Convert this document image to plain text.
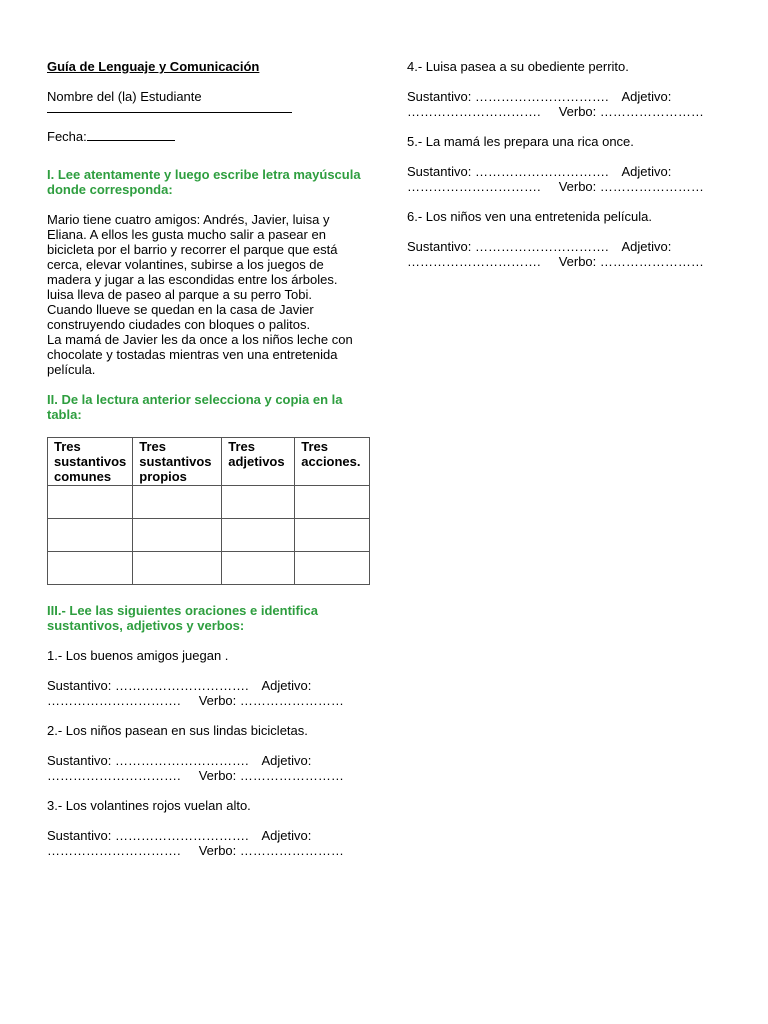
Guía de Lenguaje y Comunicación

Nombre del (la) Estudiante

Fecha:

I. Lee atentamente y luego escribe letra mayúscula donde corresponda:

Mario tiene cuatro amigos: Andrés, Javier, luisa y Eliana. A ellos les gusta mucho salir a pasear en bicicleta por el barrio y recorrer el parque que está cerca, elevar volantines, subirse a los juegos de madera y jugar a las escondidas entre los árboles.

luisa lleva de paseo al parque a su perro Tobi.

Cuando llueve se quedan en la casa de Javier construyendo ciudades con bloques o palitos.

La mamá de Javier les da once a los niños leche con chocolate y tostadas mientras ven una entretenida película.

II. De la lectura anterior selecciona y copia en la tabla:

Tres sustantivos comunes	Tres sustantivos propios	Tres adjetivos	Tres acciones.

III.- Lee las siguientes oraciones e identifica sustantivos, adjetivos y verbos:

1.- Los buenos amigos juegan .

Sustantivo: …………………………. Adjetivo: ………………………….     Verbo: ……………………

2.- Los niños pasean en sus lindas bicicletas.

Sustantivo: …………………………. Adjetivo: ………………………….     Verbo: ……………………

3.- Los volantines rojos vuelan alto.

Sustantivo: …………………………. Adjetivo: ………………………….     Verbo: ……………………

4.- Luisa pasea a su obediente perrito.

Sustantivo: …………………………. Adjetivo: ………………………….     Verbo: ……………………

5.- La mamá les prepara una rica once.

Sustantivo: …………………………. Adjetivo: ………………………….     Verbo: ……………………

6.- Los niños ven una entretenida película.

Sustantivo: …………………………. Adjetivo: ………………………….     Verbo: ……………………
